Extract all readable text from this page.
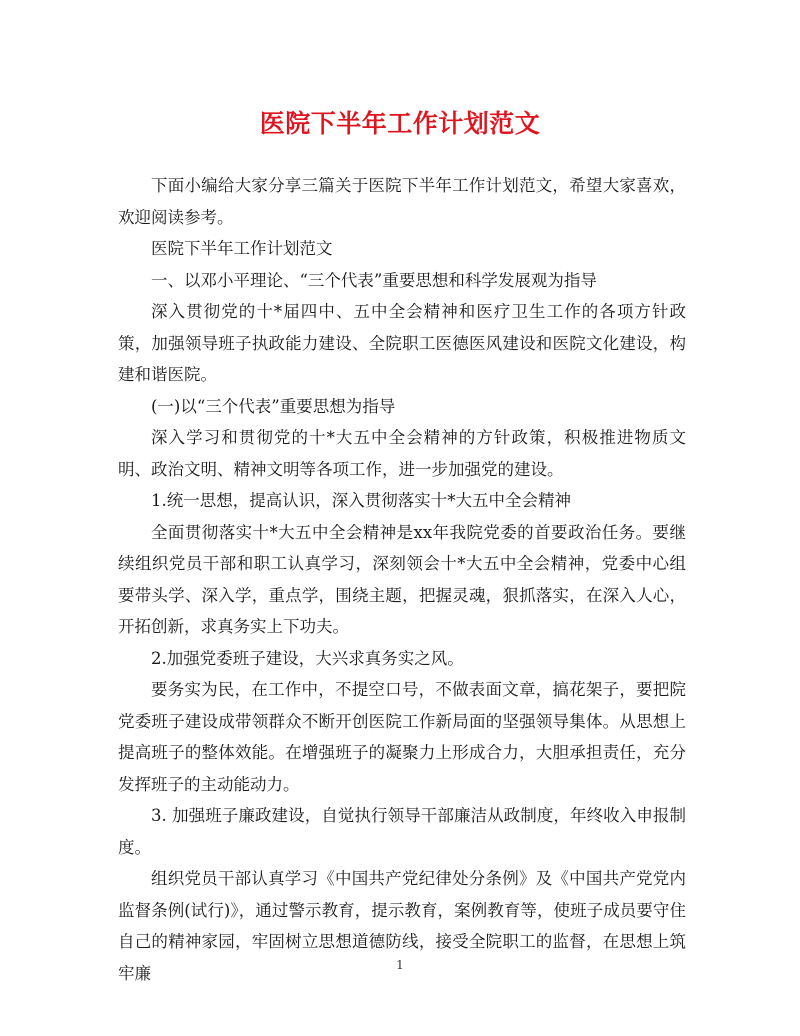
医院下半年工作计划范文

下面小编给大家分享三篇关于医院下半年工作计划范文，希望大家喜欢，欢迎阅读参考。

医院下半年工作计划范文

一、以邓小平理论、“三个代表”重要思想和科学发展观为指导

深入贯彻党的十*届四中、五中全会精神和医疗卫生工作的各项方针政策，加强领导班子执政能力建设、全院职工医德医风建设和医院文化建设，构建和谐医院。

(一)以“三个代表”重要思想为指导

深入学习和贯彻党的十*大五中全会精神的方针政策，积极推进物质文明、政治文明、精神文明等各项工作，进一步加强党的建设。

1.统一思想，提高认识，深入贯彻落实十*大五中全会精神

全面贯彻落实十*大五中全会精神是xx年我院党委的首要政治任务。要继续组织党员干部和职工认真学习，深刻领会十*大五中全会精神，党委中心组要带头学、深入学，重点学，围绕主题，把握灵魂，狠抓落实，在深入人心，开拓创新，求真务实上下功夫。

2.加强党委班子建设，大兴求真务实之风。

要务实为民，在工作中，不提空口号，不做表面文章，搞花架子，要把院党委班子建设成带领群众不断开创医院工作新局面的坚强领导集体。从思想上提高班子的整体效能。在增强班子的凝聚力上形成合力，大胆承担责任，充分发挥班子的主动能动力。

3. 加强班子廉政建设，自觉执行领导干部廉洁从政制度，年终收入申报制度。

组织党员干部认真学习《中国共产党纪律处分条例》及《中国共产党党内监督条例(试行)》，通过警示教育，提示教育，案例教育等，使班子成员要守住自己的精神家园，牢固树立思想道德防线，接受全院职工的监督，在思想上筑牢廉	1
